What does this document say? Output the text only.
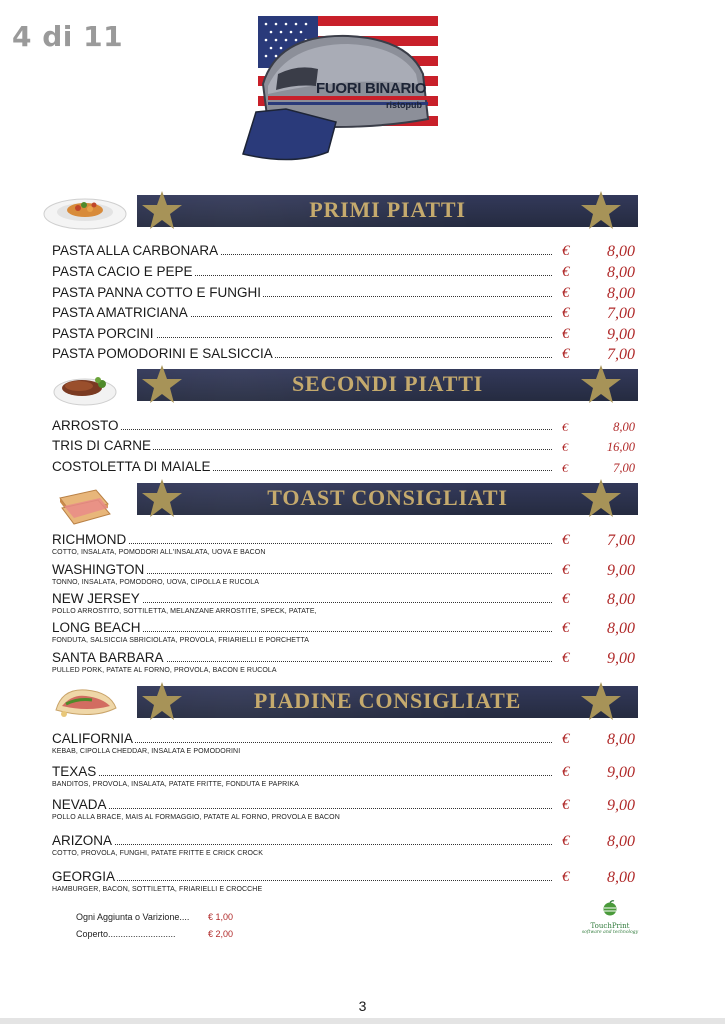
4 di 11
FUORI BINARIO
ristopub
PRIMI PIATTI
PASTA ALLA CARBONARA	€ 8,00
PASTA CACIO E PEPE	€ 8,00
PASTA PANNA COTTO E FUNGHI	€ 8,00
PASTA AMATRICIANA	€ 7,00
PASTA PORCINI	€ 9,00
PASTA POMODORINI E SALSICCIA	€ 7,00
SECONDI PIATTI
ARROSTO	€	8,00
TRIS DI CARNE	€	16,00
COSTOLETTA DI MAIALE	€	7,00
TOAST CONSIGLIATI
RICHMOND	€ 7,00
COTTO, INSALATA, POMODORI ALL'INSALATA, UOVA E BACON
WASHINGTON	€ 9,00
TONNO, INSALATA, POMODORO, UOVA, CIPOLLA E RUCOLA
NEW JERSEY	€ 8,00
POLLO ARROSTITO, SOTTILETTA, MELANZANE ARROSTITE, SPECK, PATATE,
LONG BEACH	€ 8,00
FONDUTA, SALSICCIA SBRICIOLATA, PROVOLA, FRIARIELLI E PORCHETTA
SANTA BARBARA	€ 9,00
PULLED PORK, PATATE AL FORNO, PROVOLA, BACON E RUCOLA
PIADINE CONSIGLIATE
CALIFORNIA	€ 8,00
KEBAB, CIPOLLA CHEDDAR, INSALATA E POMODORINI
TEXAS	€ 9,00
BANDITOS, PROVOLA, INSALATA, PATATE FRITTE, FONDUTA E PAPRIKA
NEVADA	€ 9,00
POLLO ALLA BRACE, MAIS AL FORMAGGIO, PATATE AL FORNO, PROVOLA E BACON
ARIZONA	€ 8,00
COTTO, PROVOLA, FUNGHI, PATATE FRITTE E CRICK CROCK
GEORGIA	€ 8,00
HAMBURGER, BACON, SOTTILETTA, FRIARIELLI E CROCCHE
Ogni Aggiunta o Varizione.... € 1,00
Coperto...........................	€ 2,00
TouchPrint
software and technology
3
